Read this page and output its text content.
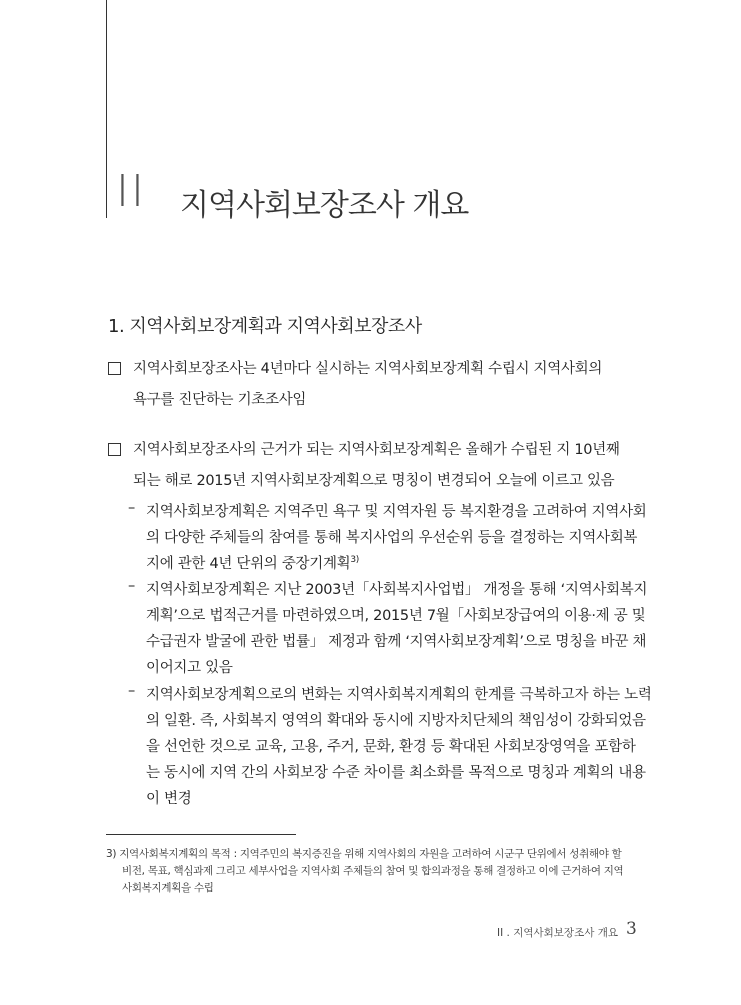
II 지역사회보장조사 개요
1. 지역사회보장계획과 지역사회보장조사
지역사회보장조사는 4년마다 실시하는 지역사회보장계획 수립시 지역사회의
욕구를 진단하는 기초조사임
지역사회보장조사의 근거가 되는 지역사회보장계획은 올해가 수립된 지 10년째
되는 해로 2015년 지역사회보장계획으로 명칭이 변경되어 오늘에 이르고 있음
– 지역사회보장계획은 지역주민 욕구 및 지역자원 등 복지환경을 고려하여 지역사회
의 다양한 주체들의 참여를 통해 복지사업의 우선순위 등을 결정하는 지역사회복
지에 관한 4년 단위의 중장기계획$^{3)}$
– 지역사회보장계획은 지난 2003년「사회복지사업법」 개정을 통해 ‘지역사회복지
계획’으로 법적근거를 마련하였으며, 2015년 7월「사회보장급여의 이용·제 공 및
수급권자 발굴에 관한 법률」 제정과 함께 ‘지역사회보장계획’으로 명칭을 바꾼 채
이어지고 있음
– 지역사회보장계획으로의 변화는 지역사회복지계획의 한계를 극복하고자 하는 노력
의 일환. 즉, 사회복지 영역의 확대와 동시에 지방자치단체의 책임성이 강화되었음
을 선언한 것으로 교육, 고용, 주거, 문화, 환경 등 확대된 사회보장영역을 포함하
는 동시에 지역 간의 사회보장 수준 차이를 최소화를 목적으로 명칭과 계획의 내용
이 변경
3) 지역사회복지계획의 목적 : 지역주민의 복지증진을 위해 지역사회의 자원을 고려하여 시군구 단위에서 성취해야 할
비전, 목표, 핵심과제 그리고 세부사업을 지역사회 주체들의 참여 및 합의과정을 통해 결정하고 이에 근거하여 지역
사회복지계획을 수립
II . 지역사회보장조사 개요 3
